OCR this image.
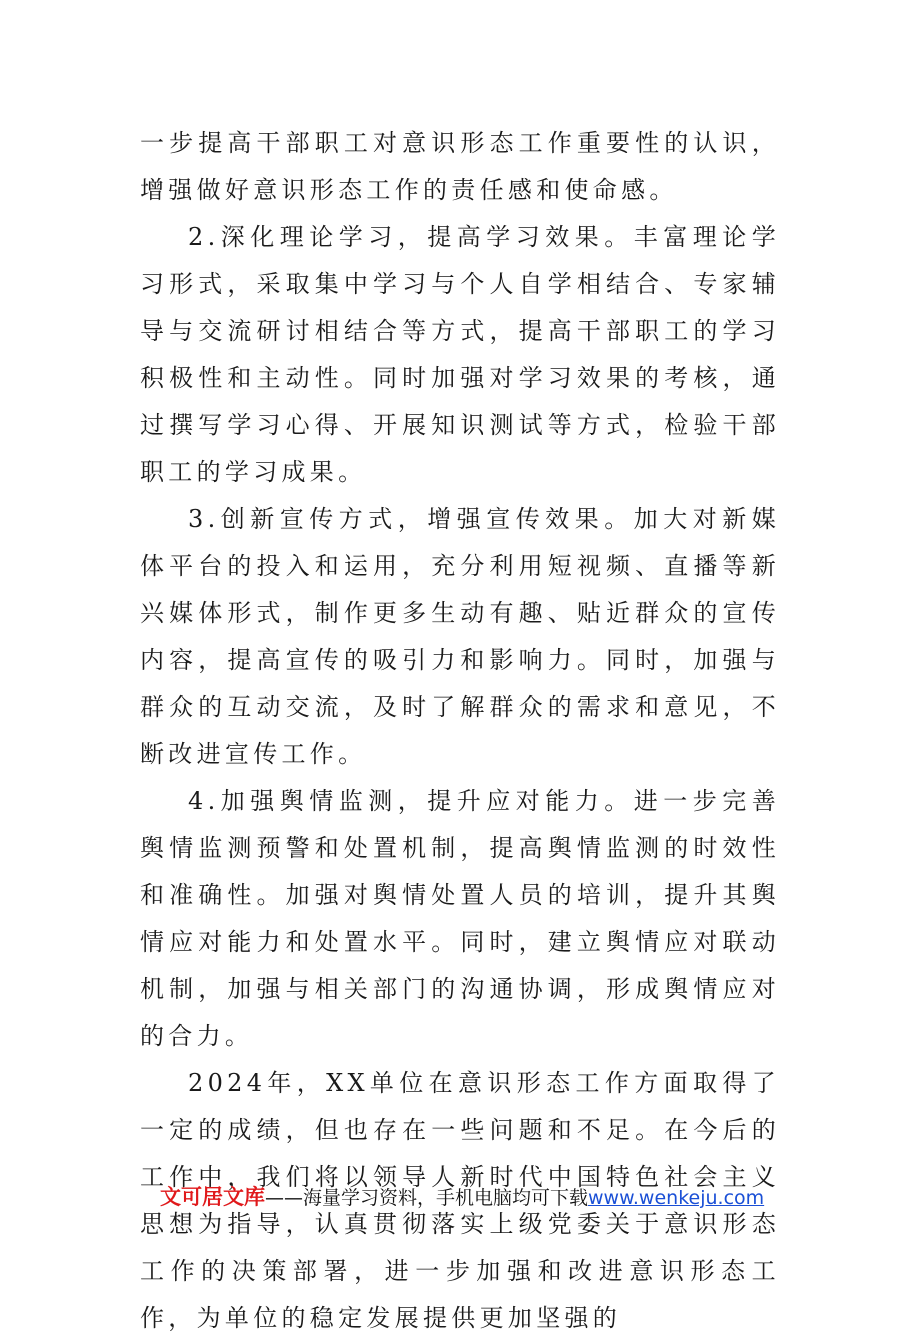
一步提高干部职工对意识形态工作重要性的认识，增强做好意识形态工作的责任感和使命感。

2.深化理论学习，提高学习效果。丰富理论学习形式，采取集中学习与个人自学相结合、专家辅导与交流研讨相结合等方式，提高干部职工的学习积极性和主动性。同时加强对学习效果的考核，通过撰写学习心得、开展知识测试等方式，检验干部职工的学习成果。

3.创新宣传方式，增强宣传效果。加大对新媒体平台的投入和运用，充分利用短视频、直播等新兴媒体形式，制作更多生动有趣、贴近群众的宣传内容，提高宣传的吸引力和影响力。同时，加强与群众的互动交流，及时了解群众的需求和意见，不断改进宣传工作。

4.加强舆情监测，提升应对能力。进一步完善舆情监测预警和处置机制，提高舆情监测的时效性和准确性。加强对舆情处置人员的培训，提升其舆情应对能力和处置水平。同时，建立舆情应对联动机制，加强与相关部门的沟通协调，形成舆情应对的合力。

2024年，XX单位在意识形态工作方面取得了一定的成绩，但也存在一些问题和不足。在今后的工作中，我们将以领导人新时代中国特色社会主义思想为指导，认真贯彻落实上级党委关于意识形态工作的决策部署，进一步加强和改进意识形态工作，为单位的稳定发展提供更加坚强的

文可居文库——海量学习资料，手机电脑均可下载www.wenkeju.com
